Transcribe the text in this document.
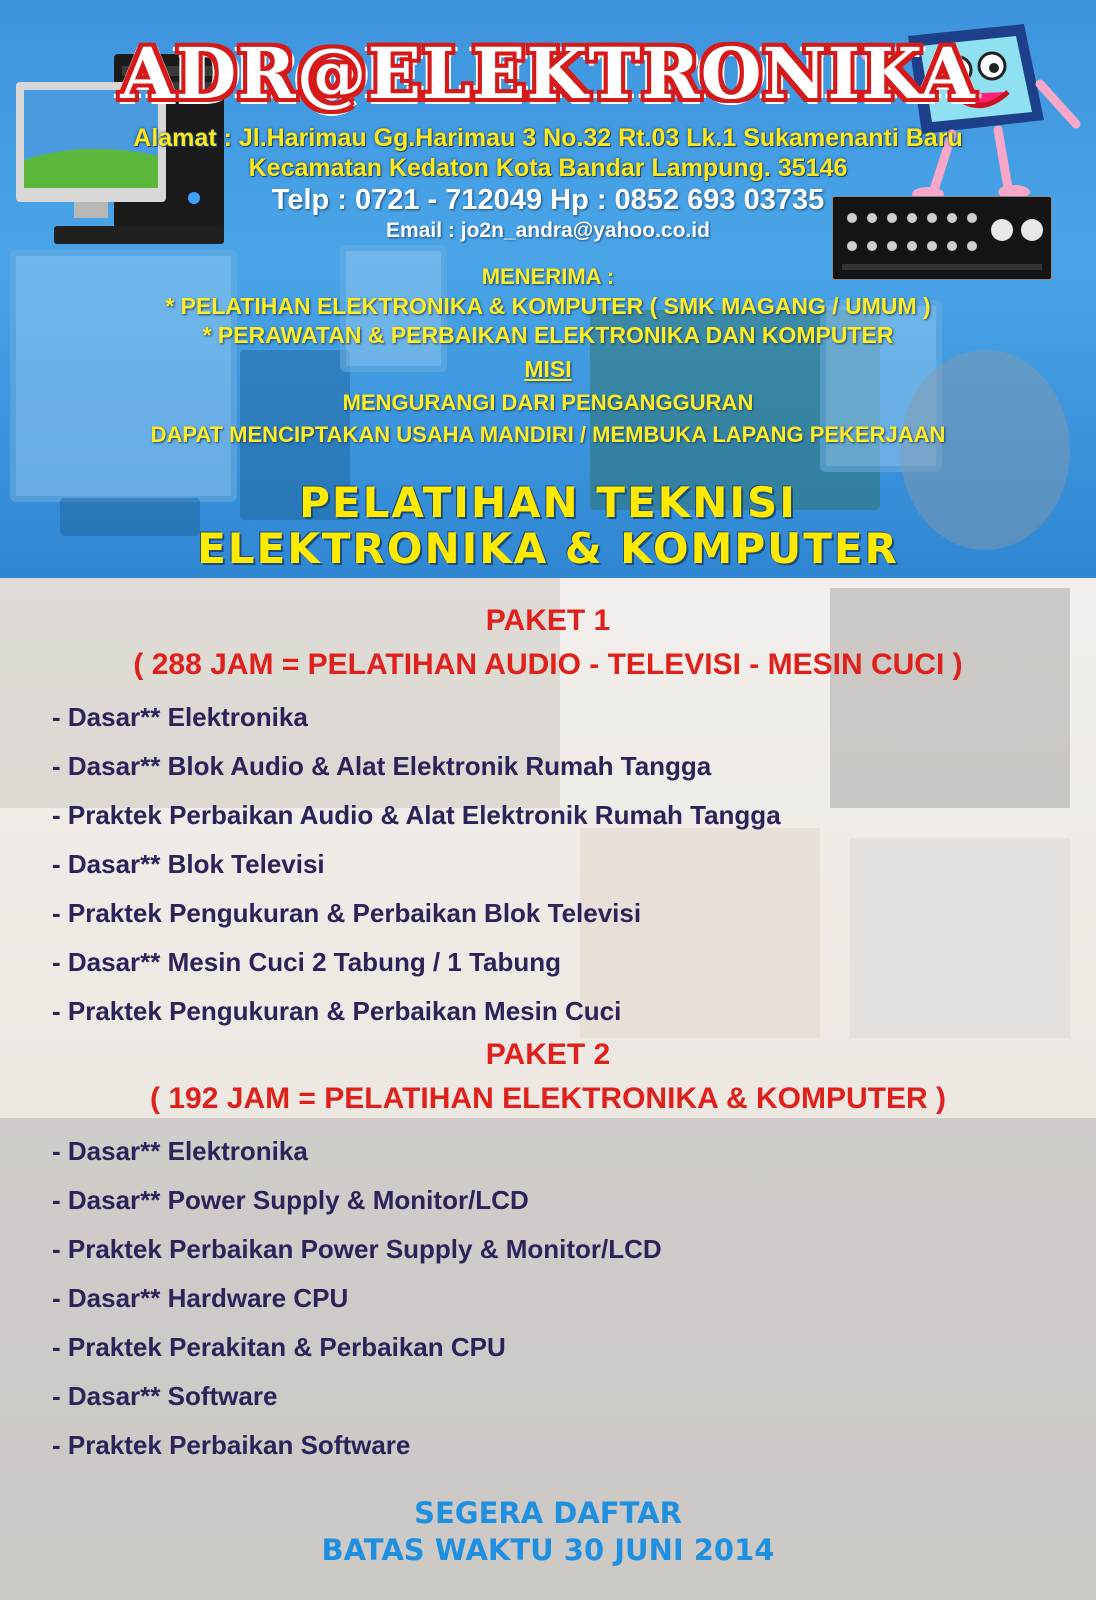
ADR@ELEKTRONIKA
Alamat : Jl.Harimau Gg.Harimau 3 No.32 Rt.03 Lk.1 Sukamenanti Baru
Kecamatan Kedaton Kota Bandar Lampung. 35146
Telp : 0721 - 712049 Hp : 0852 693 03735
Email : jo2n_andra@yahoo.co.id
MENERIMA :
* PELATIHAN ELEKTRONIKA & KOMPUTER ( SMK MAGANG / UMUM )
* PERAWATAN & PERBAIKAN ELEKTRONIKA DAN KOMPUTER
MISI
MENGURANGI DARI PENGANGGURAN
DAPAT MENCIPTAKAN USAHA MANDIRI / MEMBUKA LAPANG PEKERJAAN
PELATIHAN TEKNISI
ELEKTRONIKA & KOMPUTER
PAKET 1
( 288 JAM = PELATIHAN AUDIO - TELEVISI - MESIN CUCI )
- Dasar** Elektronika
- Dasar** Blok Audio & Alat Elektronik Rumah Tangga
- Praktek Perbaikan Audio & Alat Elektronik Rumah Tangga
- Dasar** Blok Televisi
- Praktek Pengukuran & Perbaikan Blok Televisi
- Dasar** Mesin Cuci 2 Tabung / 1 Tabung
- Praktek Pengukuran & Perbaikan Mesin Cuci
PAKET 2
( 192 JAM = PELATIHAN ELEKTRONIKA & KOMPUTER )
- Dasar** Elektronika
- Dasar** Power Supply & Monitor/LCD
- Praktek Perbaikan Power Supply & Monitor/LCD
- Dasar** Hardware CPU
- Praktek Perakitan & Perbaikan CPU
- Dasar** Software
- Praktek Perbaikan Software
SEGERA DAFTAR
BATAS WAKTU 30 JUNI 2014
